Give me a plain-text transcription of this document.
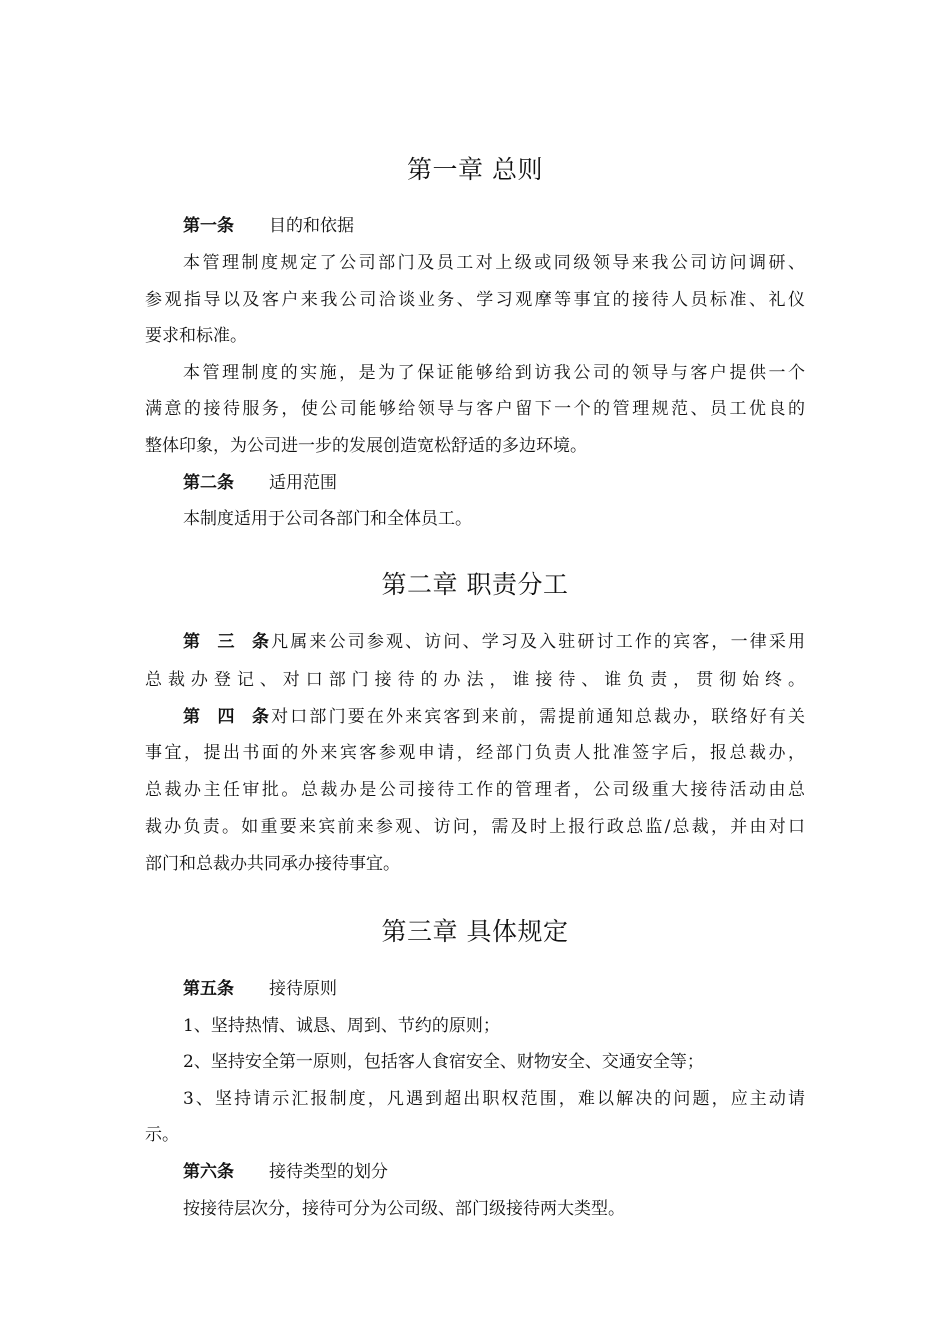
第一章 总则

第一条 目的和依据

本管理制度规定了公司部门及员工对上级或同级领导来我公司访问调研、

参观指导以及客户来我公司洽谈业务、学习观摩等事宜的接待人员标准、礼仪

要求和标准。

本管理制度的实施，是为了保证能够给到访我公司的领导与客户提供一个

满意的接待服务，使公司能够给领导与客户留下一个的管理规范、员工优良的

整体印象，为公司进一步的发展创造宽松舒适的多边环境。

第二条 适用范围

本制度适用于公司各部门和全体员工。

第二章 职责分工

第三条凡属来公司参观、访问、学习及入驻研讨工作的宾客，一律采用

总裁办登记、对口部门接待的办法，谁接待、谁负责，贯彻始终。

第四条对口部门要在外来宾客到来前，需提前通知总裁办，联络好有关

事宜，提出书面的外来宾客参观申请，经部门负责人批准签字后，报总裁办，

总裁办主任审批。总裁办是公司接待工作的管理者，公司级重大接待活动由总

裁办负责。如重要来宾前来参观、访问，需及时上报行政总监/总裁，并由对口

部门和总裁办共同承办接待事宜。

第三章 具体规定

第五条 接待原则

1、坚持热情、诚恳、周到、节约的原则；

2、坚持安全第一原则，包括客人食宿安全、财物安全、交通安全等；

3、坚持请示汇报制度，凡遇到超出职权范围，难以解决的问题，应主动请

示。

第六条 接待类型的划分

按接待层次分，接待可分为公司级、部门级接待两大类型。
